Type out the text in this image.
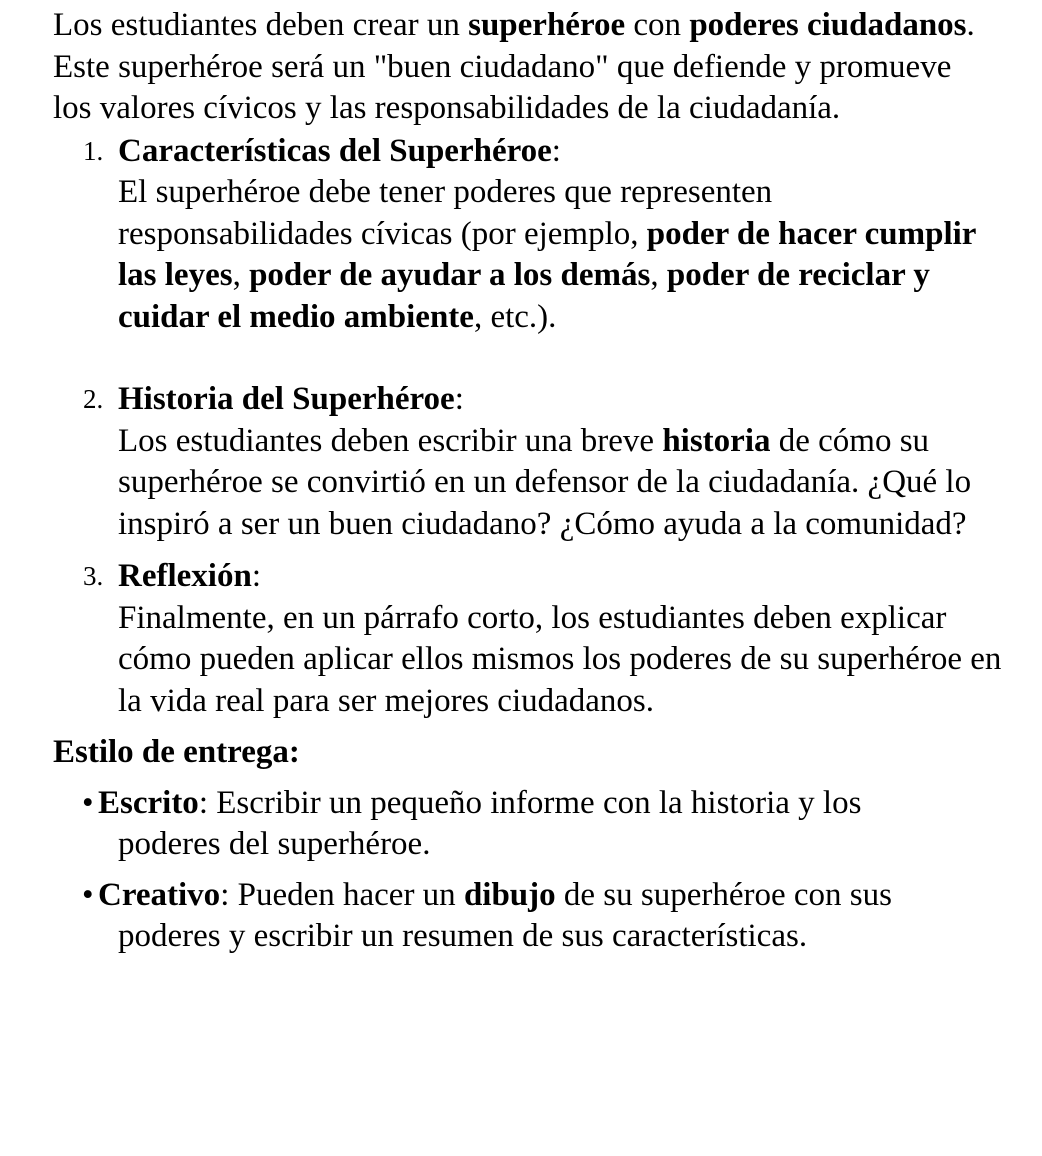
Los estudiantes deben crear un superhéroe con poderes ciudadanos. Este superhéroe será un "buen ciudadano" que defiende y promueve los valores cívicos y las responsabilidades de la ciudadanía.

1. Características del Superhéroe:

El superhéroe debe tener poderes que representen responsabilidades cívicas (por ejemplo, poder de hacer cumplir las leyes, poder de ayudar a los demás, poder de reciclar y cuidar el medio ambiente, etc.).

2. Historia del Superhéroe:

Los estudiantes deben escribir una breve historia de cómo su superhéroe se convirtió en un defensor de la ciudadanía. ¿Qué lo inspiró a ser un buen ciudadano? ¿Cómo ayuda a la comunidad?

3. Reflexión:

Finalmente, en un párrafo corto, los estudiantes deben explicar cómo pueden aplicar ellos mismos los poderes de su superhéroe en la vida real para ser mejores ciudadanos.

Estilo de entrega:

• Escrito: Escribir un pequeño informe con la historia y los poderes del superhéroe.
• Creativo: Pueden hacer un dibujo de su superhéroe con sus poderes y escribir un resumen de sus características.
